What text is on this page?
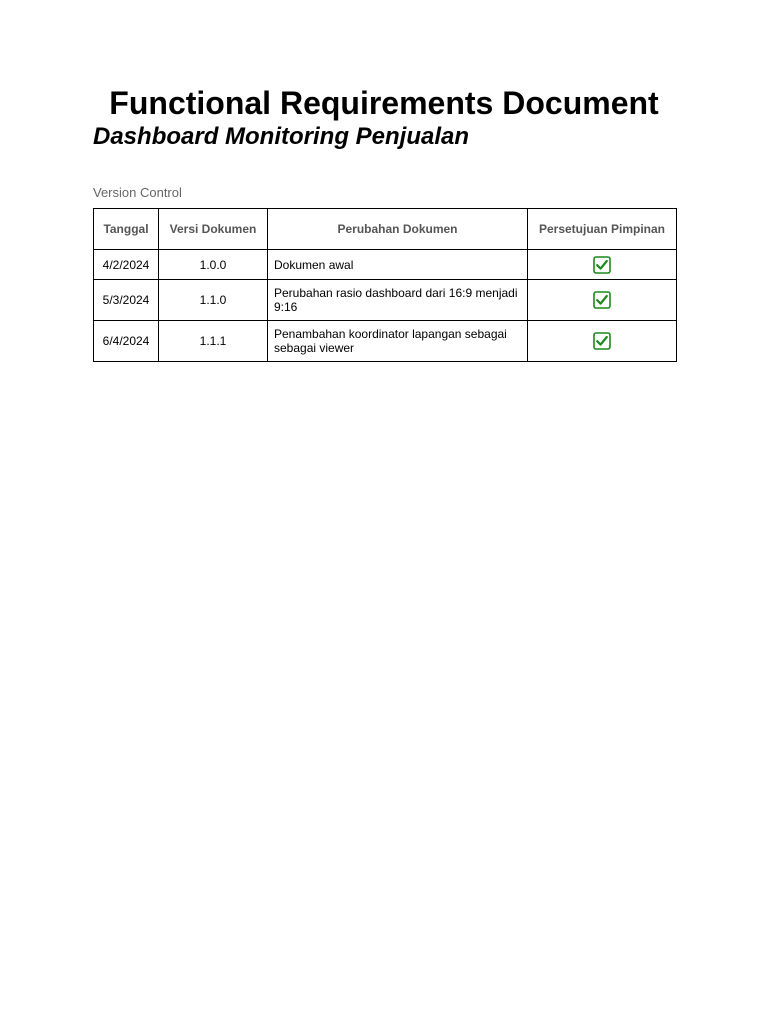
Functional Requirements Document
Dashboard Monitoring Penjualan
Version Control
Tanggal	Versi Dokumen	Perubahan Dokumen	Persetujuan Pimpinan
4/2/2024	1.0.0	Dokumen awal	
5/3/2024	1.1.0	Perubahan rasio dashboard dari 16:9 menjadi 9:16	
6/4/2024	1.1.1	Penambahan koordinator lapangan sebagai sebagai viewer	
